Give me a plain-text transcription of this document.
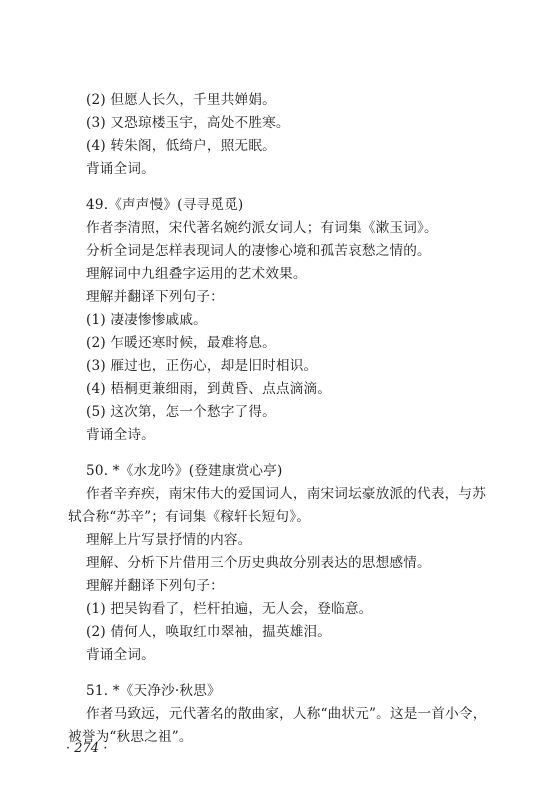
(2) 但愿人长久，千里共婵娟。
(3) 又恐琼楼玉宇，高处不胜寒。
(4) 转朱阁，低绮户，照无眠。
背诵全词。
49.《声声慢》(寻寻觅觅)
作者李清照，宋代著名婉约派女词人；有词集《漱玉词》。
分析全词是怎样表现词人的凄惨心境和孤苦哀愁之情的。
理解词中九组叠字运用的艺术效果。
理解并翻译下列句子：
(1) 凄凄惨惨戚戚。
(2) 乍暖还寒时候，最难将息。
(3) 雁过也，正伤心，却是旧时相识。
(4) 梧桐更兼细雨，到黄昏、点点滴滴。
(5) 这次第，怎一个愁字了得。
背诵全诗。
50. *《水龙吟》(登建康赏心亭)
作者辛弃疾，南宋伟大的爱国词人，南宋词坛豪放派的代表，与苏
轼合称“苏辛”；有词集《稼轩长短句》。
理解上片写景抒情的内容。
理解、分析下片借用三个历史典故分别表达的思想感情。
理解并翻译下列句子：
(1) 把吴钩看了，栏杆拍遍，无人会，登临意。
(2) 倩何人，唤取红巾翠袖，揾英雄泪。
背诵全词。
51. *《天净沙·秋思》
作者马致远，元代著名的散曲家，人称“曲状元”。这是一首小令，
被誉为“秋思之祖”。
· 274 ·
